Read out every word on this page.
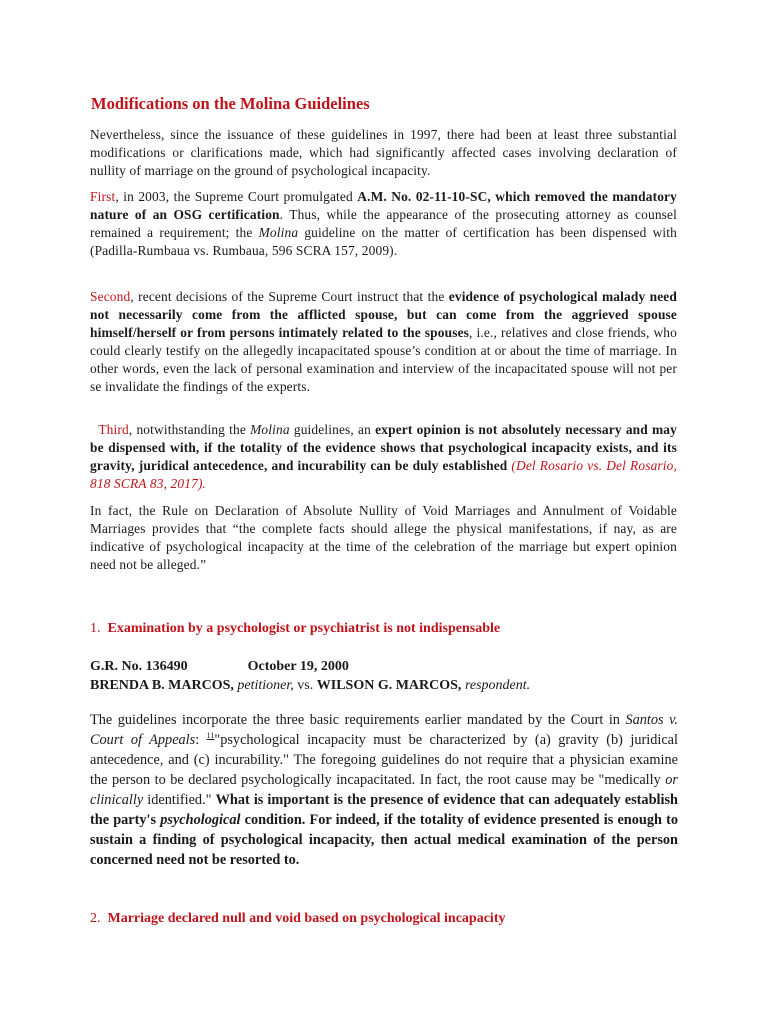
Modifications on the Molina Guidelines

Nevertheless, since the issuance of these guidelines in 1997, there had been at least three substantial modifications or clarifications made, which had significantly affected cases involving declaration of nullity of marriage on the ground of psychological incapacity.

First, in 2003, the Supreme Court promulgated A.M. No. 02-11-10-SC, which removed the mandatory nature of an OSG certification. Thus, while the appearance of the prosecuting attorney as counsel remained a requirement; the Molina guideline on the matter of certification has been dispensed with (Padilla-Rumbaua vs. Rumbaua, 596 SCRA 157, 2009).

Second, recent decisions of the Supreme Court instruct that the evidence of psychological malady need not necessarily come from the afflicted spouse, but can come from the aggrieved spouse himself/herself or from persons intimately related to the spouses, i.e., relatives and close friends, who could clearly testify on the allegedly incapacitated spouse’s condition at or about the time of marriage. In other words, even the lack of personal examination and interview of the incapacitated spouse will not per se invalidate the findings of the experts.

Third, notwithstanding the Molina guidelines, an expert opinion is not absolutely necessary and may be dispensed with, if the totality of the evidence shows that psychological incapacity exists, and its gravity, juridical antecedence, and incurability can be duly established (Del Rosario vs. Del Rosario, 818 SCRA 83, 2017).

In fact, the Rule on Declaration of Absolute Nullity of Void Marriages and Annulment of Voidable Marriages provides that “the complete facts should allege the physical manifestations, if nay, as are indicative of psychological incapacity at the time of the celebration of the marriage but expert opinion need not be alleged.”

1. Examination by a psychologist or psychiatrist is not indispensable

G.R. No. 136490	October 19, 2000

BRENDA B. MARCOS, petitioner, vs. WILSON G. MARCOS, respondent.

The guidelines incorporate the three basic requirements earlier mandated by the Court in Santos v. Court of Appeals: $^{11}$"psychological incapacity must be characterized by (a) gravity (b) juridical antecedence, and (c) incurability." The foregoing guidelines do not require that a physician examine the person to be declared psychologically incapacitated. In fact, the root cause may be "medically or clinically identified." What is important is the presence of evidence that can adequately establish the party's psychological condition. For indeed, if the totality of evidence presented is enough to sustain a finding of psychological incapacity, then actual medical examination of the person concerned need not be resorted to.

2. Marriage declared null and void based on psychological incapacity
